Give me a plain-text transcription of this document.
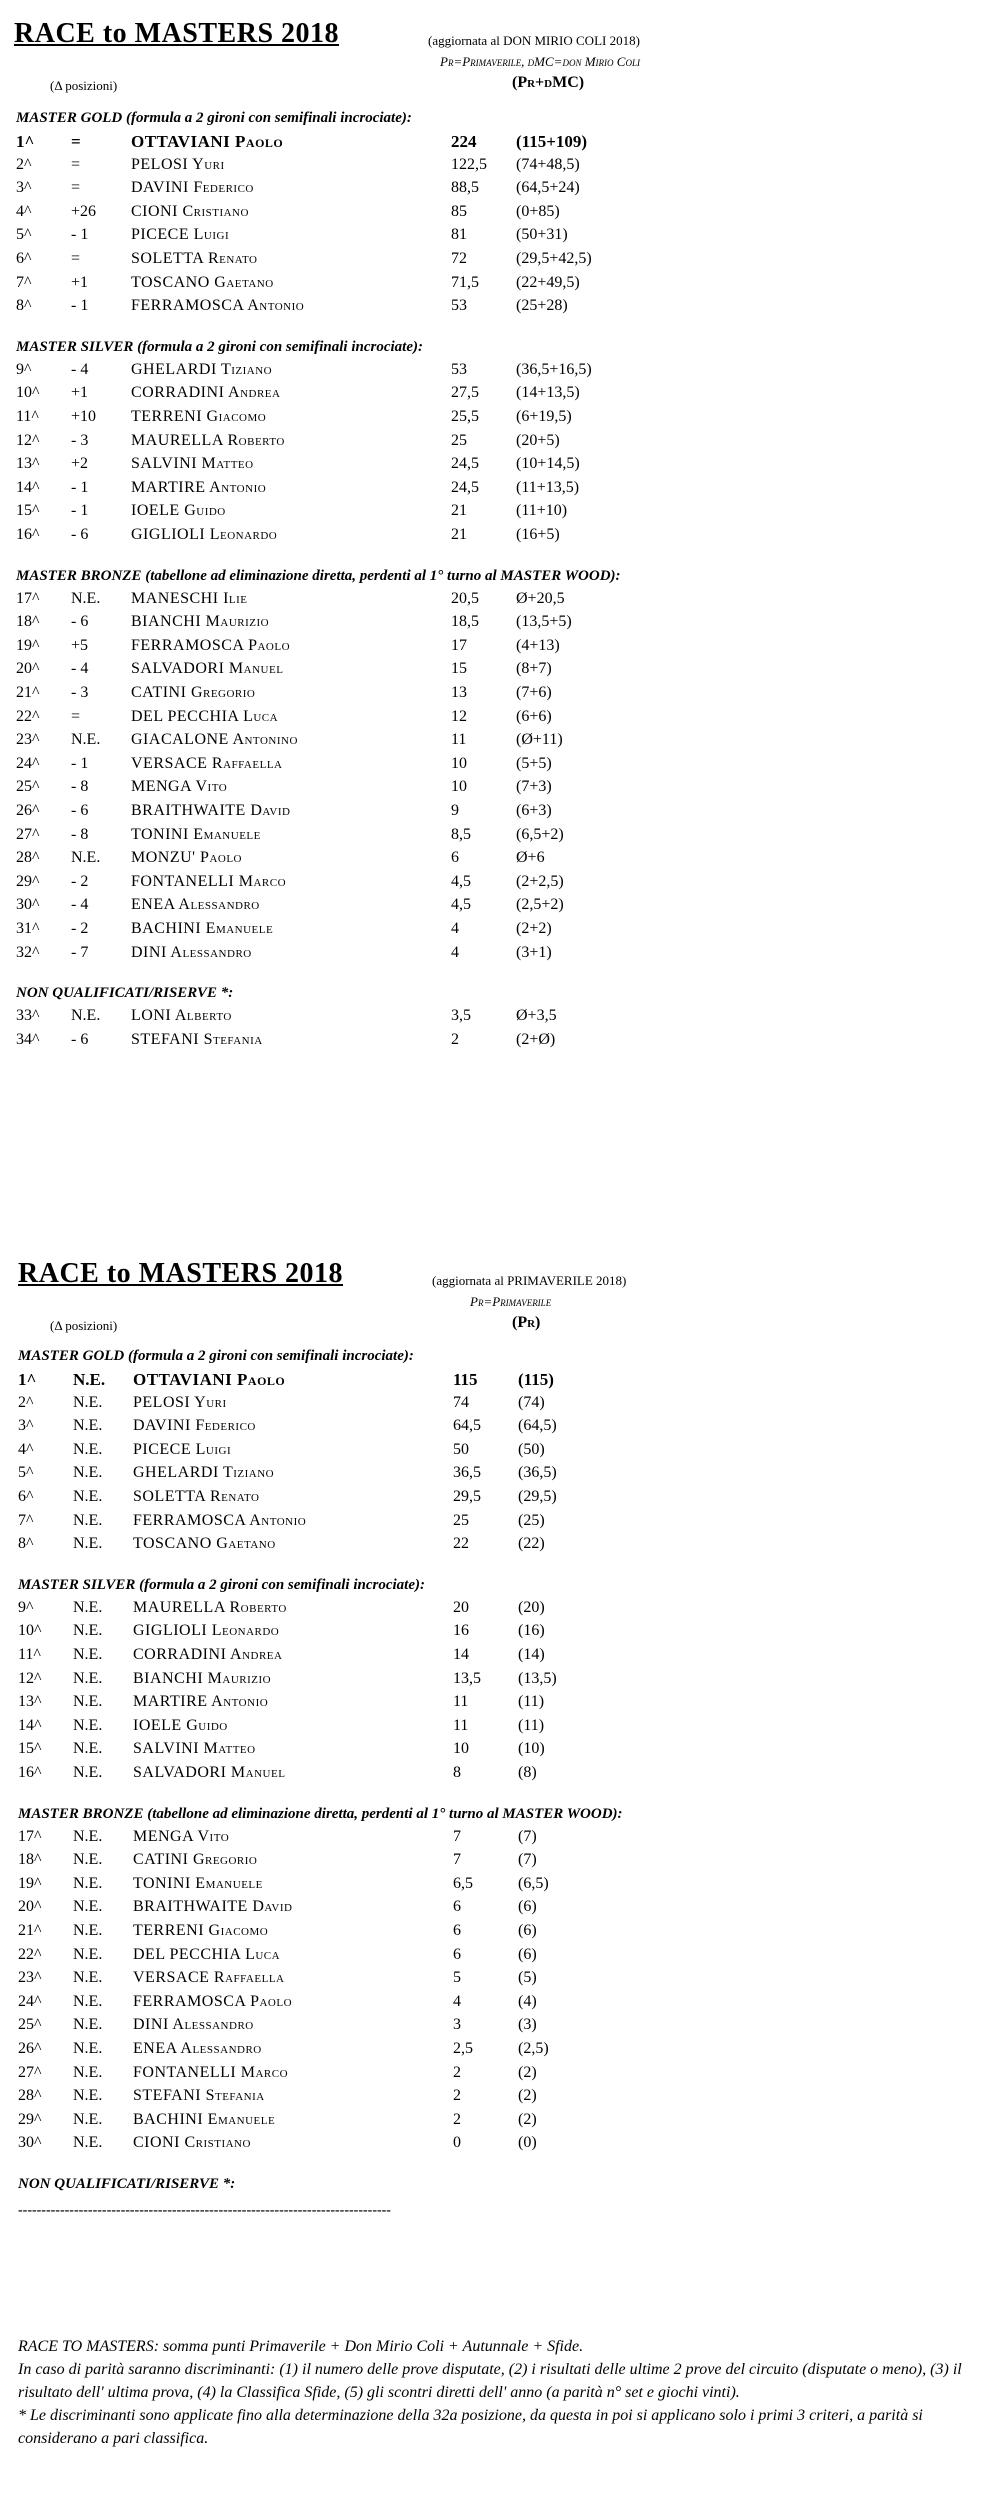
RACE to MASTERS 2018	(aggiornata al DON MIRIO COLI 2018)
Pr=Primaverile, dMC=don Mirio Coli
(Δ posizioni)	(Pr+dMC)
MASTER GOLD (formula a 2 gironi con semifinali incrociate):
1^ =	OTTAVIANI Paolo	224 (115+109)
2^ =	PELOSI Yuri	122,5 (74+48,5)
3^ =	DAVINI Federico	88,5 (64,5+24)
4^ +26 CIONI Cristiano	85	(0+85)
5^ - 1	PICECE Luigi	81	(50+31)
6^ =	SOLETTA Renato	72	(29,5+42,5)
7^ +1	TOSCANO Gaetano	71,5 (22+49,5)
8^ - 1	FERRAMOSCA Antonio	53	(25+28)
MASTER SILVER (formula a 2 gironi con semifinali incrociate):
9^ - 4	GHELARDI Tiziano	53	(36,5+16,5)
10^ +1	CORRADINI Andrea	27,5 (14+13,5)
11^ +10 TERRENI Giacomo	25,5 (6+19,5)
12^ - 3	MAURELLA Roberto	25	(20+5)
13^ +2	SALVINI Matteo	24,5 (10+14,5)
14^ - 1	MARTIRE Antonio	24,5 (11+13,5)
15^ - 1	IOELE Guido	21	(11+10)
16^ - 6	GIGLIOLI Leonardo	21	(16+5)
MASTER BRONZE (tabellone ad eliminazione diretta, perdenti al 1° turno al MASTER WOOD):
17^ N.E. MANESCHI Ilie	20,5 Ø+20,5
18^ - 6	BIANCHI Maurizio	18,5 (13,5+5)
19^ +5	FERRAMOSCA Paolo	17	(4+13)
20^ - 4	SALVADORI Manuel	15	(8+7)
21^ - 3	CATINI Gregorio	13	(7+6)
22^ =	DEL PECCHIA Luca	12	(6+6)
23^ N.E. GIACALONE Antonino	11	(Ø+11)
24^ - 1	VERSACE Raffaella	10	(5+5)
25^ - 8	MENGA Vito	10	(7+3)
26^ - 6	BRAITHWAITE David	9	(6+3)
27^ - 8	TONINI Emanuele	8,5	(6,5+2)
28^ N.E. MONZU' Paolo	6	Ø+6
29^ - 2	FONTANELLI Marco	4,5	(2+2,5)
30^ - 4	ENEA Alessandro	4,5	(2,5+2)
31^ - 2	BACHINI Emanuele	4	(2+2)
32^ - 7	DINI Alessandro	4	(3+1)
NON QUALIFICATI/RISERVE *:
33^ N.E. LONI Alberto	3,5	Ø+3,5
34^ - 6	STEFANI Stefania	2	(2+Ø)
RACE to MASTERS 2018	(aggiornata al PRIMAVERILE 2018)
Pr=Primaverile
(Δ posizioni)	(Pr)
MASTER GOLD (formula a 2 gironi con semifinali incrociate):
1^ N.E. OTTAVIANI Paolo	115 (115)
2^ N.E. PELOSI Yuri	74	(74)
3^ N.E. DAVINI Federico	64,5 (64,5)
4^ N.E. PICECE Luigi	50	(50)
5^ N.E. GHELARDI Tiziano	36,5 (36,5)
6^ N.E. SOLETTA Renato	29,5 (29,5)
7^ N.E. FERRAMOSCA Antonio	25	(25)
8^ N.E. TOSCANO Gaetano	22	(22)
MASTER SILVER (formula a 2 gironi con semifinali incrociate):
9^ N.E. MAURELLA Roberto	20	(20)
10^ N.E. GIGLIOLI Leonardo	16	(16)
11^ N.E. CORRADINI Andrea	14	(14)
12^ N.E. BIANCHI Maurizio	13,5 (13,5)
13^ N.E. MARTIRE Antonio	11	(11)
14^ N.E. IOELE Guido	11	(11)
15^ N.E. SALVINI Matteo	10	(10)
16^ N.E. SALVADORI Manuel	8	(8)
MASTER BRONZE (tabellone ad eliminazione diretta, perdenti al 1° turno al MASTER WOOD):
17^ N.E. MENGA Vito	7	(7)
18^ N.E. CATINI Gregorio	7	(7)
19^ N.E. TONINI Emanuele	6,5	(6,5)
20^ N.E. BRAITHWAITE David	6	(6)
21^ N.E. TERRENI Giacomo	6	(6)
22^ N.E. DEL PECCHIA Luca	6	(6)
23^ N.E. VERSACE Raffaella	5	(5)
24^ N.E. FERRAMOSCA Paolo	4	(4)
25^ N.E. DINI Alessandro	3	(3)
26^ N.E. ENEA Alessandro	2,5	(2,5)
27^ N.E. FONTANELLI Marco	2	(2)
28^ N.E. STEFANI Stefania	2	(2)
29^ N.E. BACHINI Emanuele	2	(2)
30^ N.E. CIONI Cristiano	0	(0)
NON QUALIFICATI/RISERVE *:
--------------------------------------------------------------------------------

RACE TO MASTERS: somma punti Primaverile + Don Mirio Coli + Autunnale + Sfide.

In caso di parità saranno discriminanti: (1) il numero delle prove disputate, (2) i risultati delle ultime 2 prove del circuito (disputate o meno), (3) il risultato dell' ultima prova, (4) la Classifica Sfide, (5) gli scontri diretti dell' anno (a parità n° set e giochi vinti).

* Le discriminanti sono applicate fino alla determinazione della 32a posizione, da questa in poi si applicano solo i primi 3 criteri, a parità si considerano a pari classifica.
